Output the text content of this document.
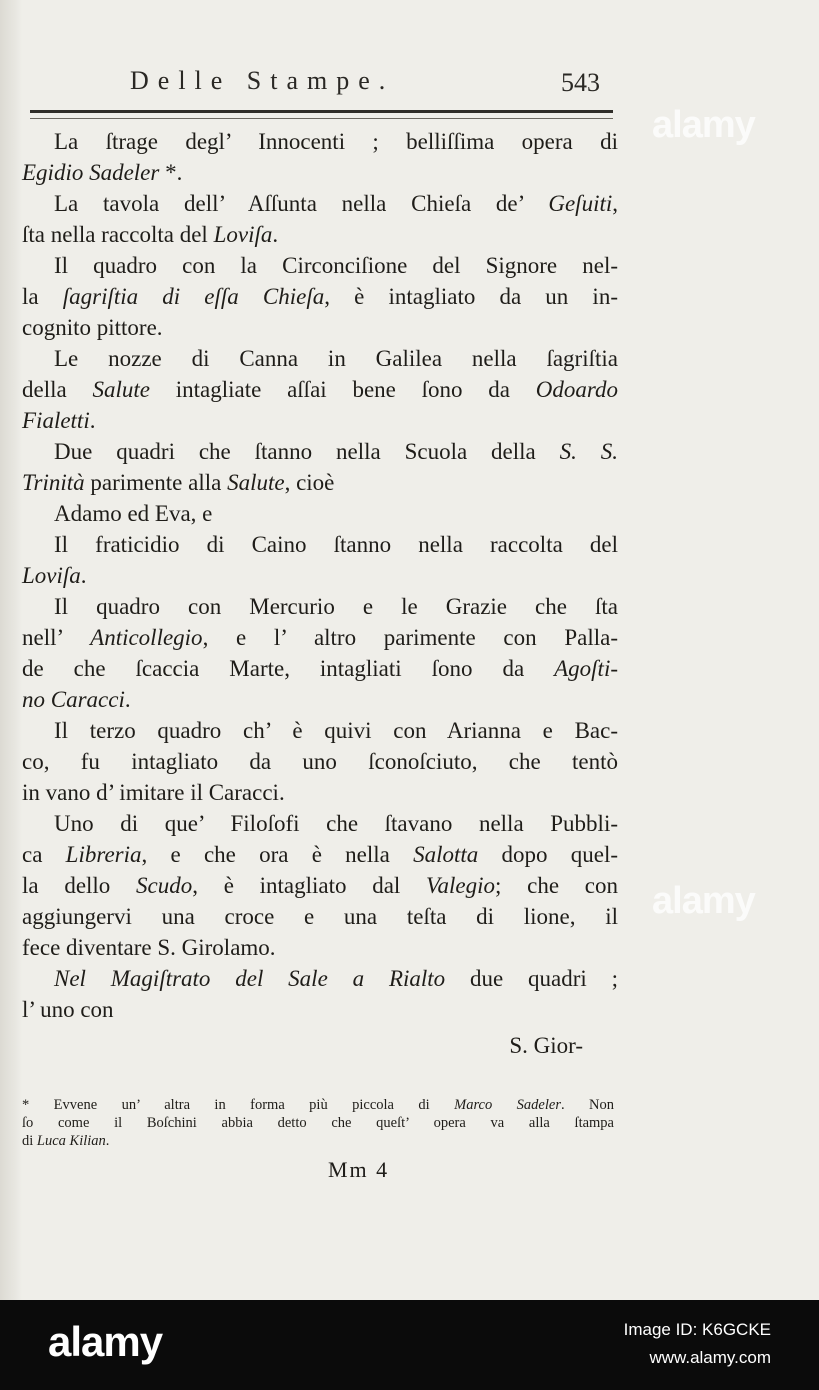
alamy
alamy
Delle Stampe.	543
La ſtrage degl’ Innocenti ; belliſſima opera di
Egidio Sadeler *.
La tavola dell’ Aſſunta nella Chieſa de’ Geſuiti,
ſta nella raccolta del Loviſa.
Il quadro con la Circonciſione del Signore nel-
la ſagriſtia di eſſa Chieſa, è intagliato da un in-
cognito pittore.
Le nozze di Canna in Galilea nella ſagriſtia
della Salute intagliate aſſai bene ſono da Odoardo
Fialetti.
Due quadri che ſtanno nella Scuola della S. S.
Trinità parimente alla Salute, cioè
Adamo ed Eva, e
Il fraticidio di Caino ſtanno nella raccolta del
Loviſa.
Il quadro con Mercurio e le Grazie che ſta
nell’ Anticollegio, e l’ altro parimente con Palla-
de che ſcaccia Marte, intagliati ſono da Agoſti-
no Caracci.
Il terzo quadro ch’ è quivi con Arianna e Bac-
co, fu intagliato da uno ſconoſciuto, che tentò
in vano d’ imitare il Caracci.
Uno di que’ Filoſofi che ſtavano nella Pubbli-
ca Libreria, e che ora è nella Salotta dopo quel-
la dello Scudo, è intagliato dal Valegio; che con
aggiungervi una croce e una teſta di lione, il
fece diventare S. Girolamo.
Nel Magiſtrato del Sale a Rialto due quadri ;
l’ uno con
S. Gior-
* Evvene un’ altra in forma più piccola di Marco Sadeler. Non
ſo come il Boſchini abbia detto che queſt’ opera va alla ſtampa
di Luca Kilian.
Mm 4
alamy	Image ID: K6GCKE
www.alamy.com
